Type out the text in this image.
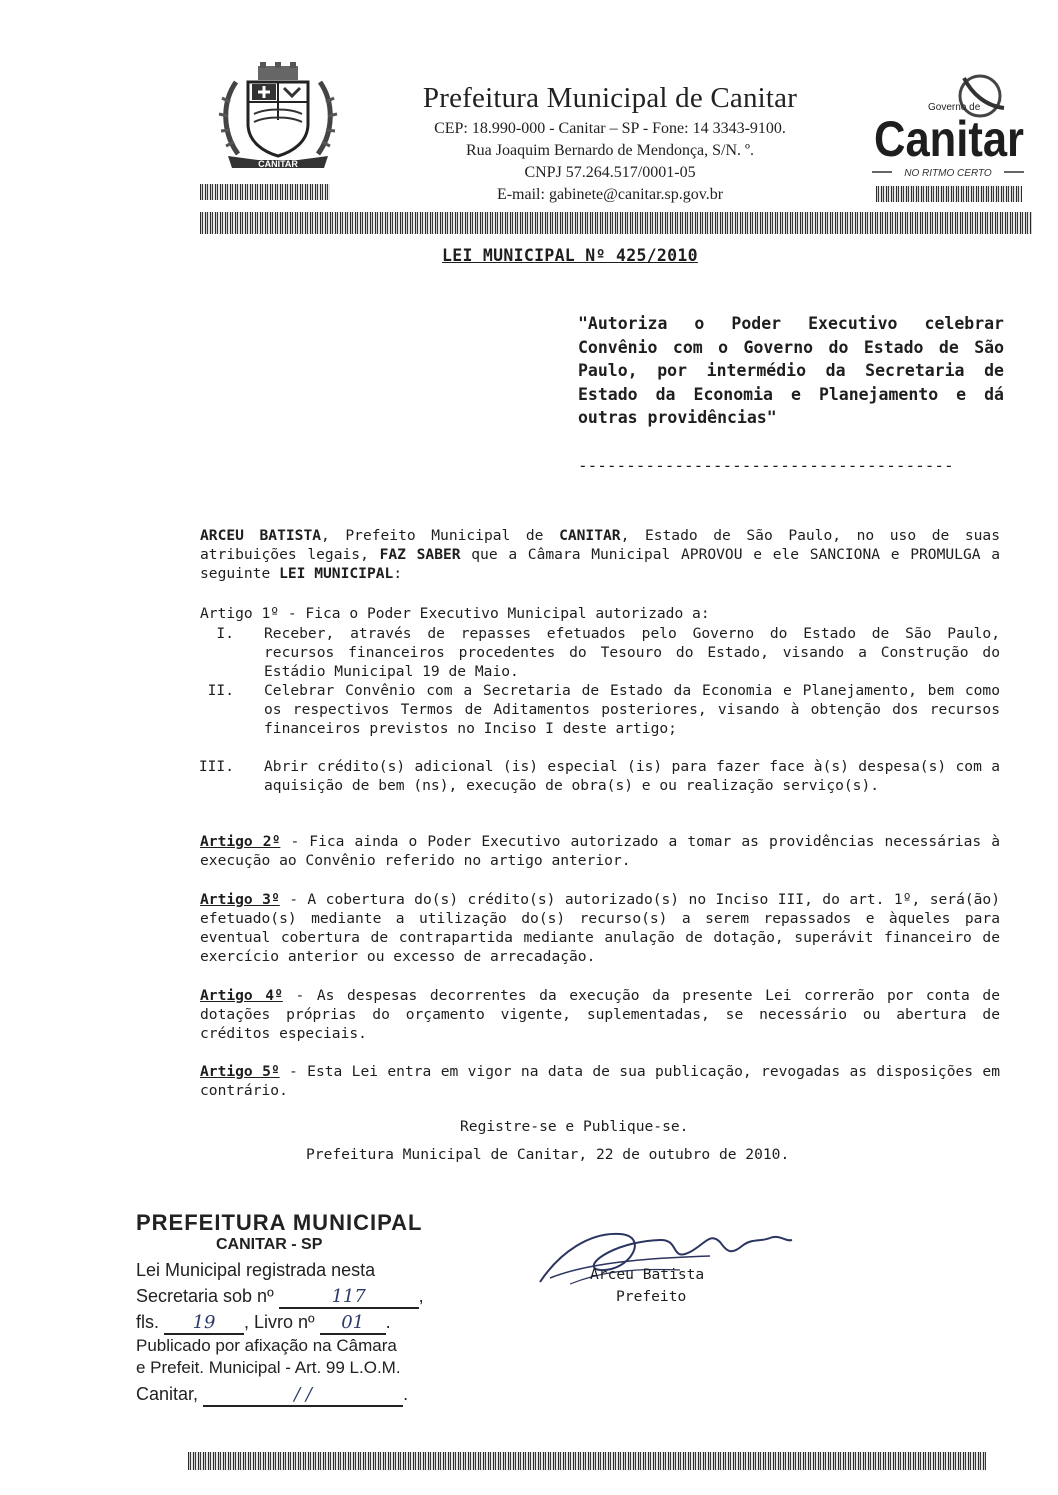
CANITAR
Prefeitura Municipal de Canitar
CEP: 18.990-000 - Canitar – SP - Fone: 14 3343-9100.
Rua Joaquim Bernardo de Mendonça, S/N. º.
CNPJ 57.264.517/0001-05
E-mail: gabinete@canitar.sp.gov.br
Governo de
Canitar
NO RITMO CERTO
LEI MUNICIPAL Nº 425/2010
"Autoriza o Poder Executivo celebrar Convênio com o Governo do Estado de São Paulo, por intermédio da Secretaria de Estado da Economia e Planejamento e dá outras providências"
---------------------------------------
ARCEU BATISTA, Prefeito Municipal de CANITAR, Estado de São Paulo, no uso de suas atribuições legais, FAZ SABER que a Câmara Municipal APROVOU e ele SANCIONA e PROMULGA a seguinte LEI MUNICIPAL:
Artigo 1º - Fica o Poder Executivo Municipal autorizado a:
I. Receber, através de repasses efetuados pelo Governo do Estado de São Paulo, recursos financeiros procedentes do Tesouro do Estado, visando a Construção do Estádio Municipal 19 de Maio.
II. Celebrar Convênio com a Secretaria de Estado da Economia e Planejamento, bem como os respectivos Termos de Aditamentos posteriores, visando à obtenção dos recursos financeiros previstos no Inciso I deste artigo;
III. Abrir crédito(s) adicional (is) especial (is) para fazer face à(s) despesa(s) com a aquisição de bem (ns), execução de obra(s) e ou realização serviço(s).
Artigo 2º - Fica ainda o Poder Executivo autorizado a tomar as providências necessárias à execução ao Convênio referido no artigo anterior.
Artigo 3º - A cobertura do(s) crédito(s) autorizado(s) no Inciso III, do art. 1º, será(ão) efetuado(s) mediante a utilização do(s) recurso(s) a serem repassados e àqueles para eventual cobertura de contrapartida mediante anulação de dotação, superávit financeiro de exercício anterior ou excesso de arrecadação.
Artigo 4º - As despesas decorrentes da execução da presente Lei correrão por conta de dotações próprias do orçamento vigente, suplementadas, se necessário ou abertura de créditos especiais.
Artigo 5º - Esta Lei entra em vigor na data de sua publicação, revogadas as disposições em contrário.
Registre-se e Publique-se.
Prefeitura Municipal de Canitar, 22 de outubro de 2010.
Arceu Batista
Prefeito
PREFEITURA MUNICIPAL
CANITAR - SP
Lei Municipal registrada nesta
Secretaria sob nº	117	,
fls. 19 , Livro nº 01 .
Publicado por afixação na Câmara
e Prefeit. Municipal - Art. 99 L.O.M.
Canitar,	/ /	.
